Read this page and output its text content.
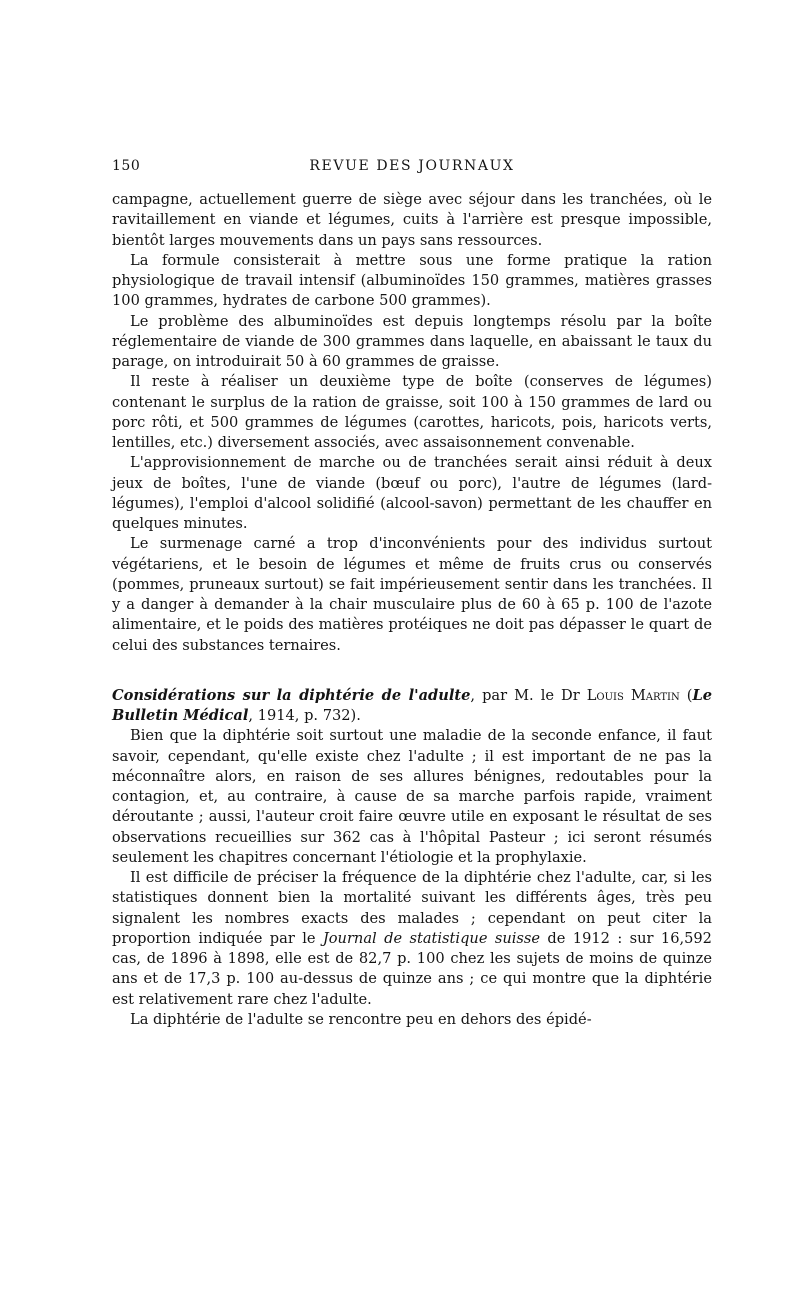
150	REVUE DES JOURNAUX

campagne, actuellement guerre de siège avec séjour dans les tranchées, où le ravitaillement en viande et légumes, cuits à l'arrière est presque impossible, bientôt larges mouvements dans un pays sans ressources.

La formule consisterait à mettre sous une forme pratique la ration physiologique de travail intensif (albuminoïdes 150 grammes, matières grasses 100 grammes, hydrates de carbone 500 grammes).

Le problème des albuminoïdes est depuis longtemps résolu par la boîte réglementaire de viande de 300 grammes dans laquelle, en abaissant le taux du parage, on introduirait 50 à 60 grammes de graisse.

Il reste à réaliser un deuxième type de boîte (conserves de légumes) contenant le surplus de la ration de graisse, soit 100 à 150 grammes de lard ou porc rôti, et 500 grammes de légumes (carottes, haricots, pois, haricots verts, lentilles, etc.) diversement associés, avec assaisonnement convenable.

L'approvisionnement de marche ou de tranchées serait ainsi réduit à deux jeux de boîtes, l'une de viande (bœuf ou porc), l'autre de légumes (lard-légumes), l'emploi d'alcool solidifié (alcool-savon) permettant de les chauffer en quelques minutes.

Le surmenage carné a trop d'inconvénients pour des individus surtout végétariens, et le besoin de légumes et même de fruits crus ou conservés (pommes, pruneaux surtout) se fait impérieusement sentir dans les tranchées. Il y a danger à demander à la chair musculaire plus de 60 à 65 p. 100 de l'azote alimentaire, et le poids des matières protéiques ne doit pas dépasser le quart de celui des substances ternaires.

Considérations sur la diphtérie de l'adulte, par M. le Dr Louis Martin (Le Bulletin Médical, 1914, p. 732).

Bien que la diphtérie soit surtout une maladie de la seconde enfance, il faut savoir, cependant, qu'elle existe chez l'adulte ; il est important de ne pas la méconnaître alors, en raison de ses allures bénignes, redoutables pour la contagion, et, au contraire, à cause de sa marche parfois rapide, vraiment déroutante ; aussi, l'auteur croit faire œuvre utile en exposant le résultat de ses observations recueillies sur 362 cas à l'hôpital Pasteur ; ici seront résumés seulement les chapitres concernant l'étiologie et la prophylaxie.

Il est difficile de préciser la fréquence de la diphtérie chez l'adulte, car, si les statistiques donnent bien la mortalité suivant les différents âges, très peu signalent les nombres exacts des malades ; cependant on peut citer la proportion indiquée par le Journal de statistique suisse de 1912 : sur 16,592 cas, de 1896 à 1898, elle est de 82,7 p. 100 chez les sujets de moins de quinze ans et de 17,3 p. 100 au-dessus de quinze ans ; ce qui montre que la diphtérie est relativement rare chez l'adulte.

La diphtérie de l'adulte se rencontre peu en dehors des épidé-
